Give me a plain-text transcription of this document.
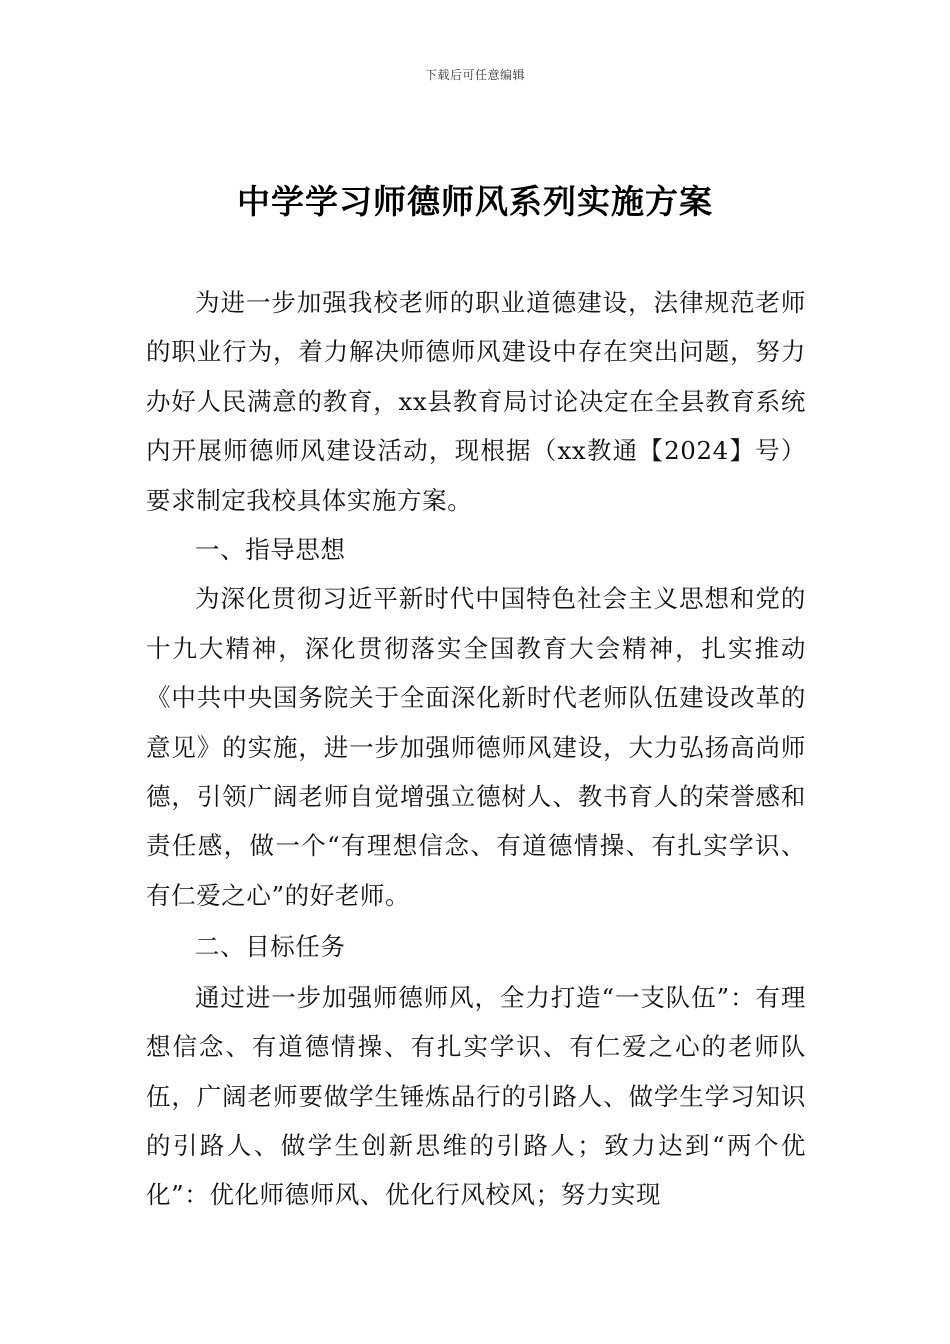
下载后可任意编辑
中学学习师德师风系列实施方案

为进一步加强我校老师的职业道德建设，法律规范老师的职业行为，着力解决师德师风建设中存在突出问题，努力办好人民满意的教育，xx县教育局讨论决定在全县教育系统内开展师德师风建设活动，现根据（xx教通【2024】号）要求制定我校具体实施方案。

一、指导思想

为深化贯彻习近平新时代中国特色社会主义思想和党的十九大精神，深化贯彻落实全国教育大会精神，扎实推动《中共中央国务院关于全面深化新时代老师队伍建设改革的意见》的实施，进一步加强师德师风建设，大力弘扬高尚师德，引领广阔老师自觉增强立德树人、教书育人的荣誉感和责任感，做一个“有理想信念、有道德情操、有扎实学识、有仁爱之心”的好老师。

二、目标任务

通过进一步加强师德师风，全力打造“一支队伍”：有理想信念、有道德情操、有扎实学识、有仁爱之心的老师队伍，广阔老师要做学生锤炼品行的引路人、做学生学习知识的引路人、做学生创新思维的引路人；致力达到“两个优化”：优化师德师风、优化行风校风；努力实现
